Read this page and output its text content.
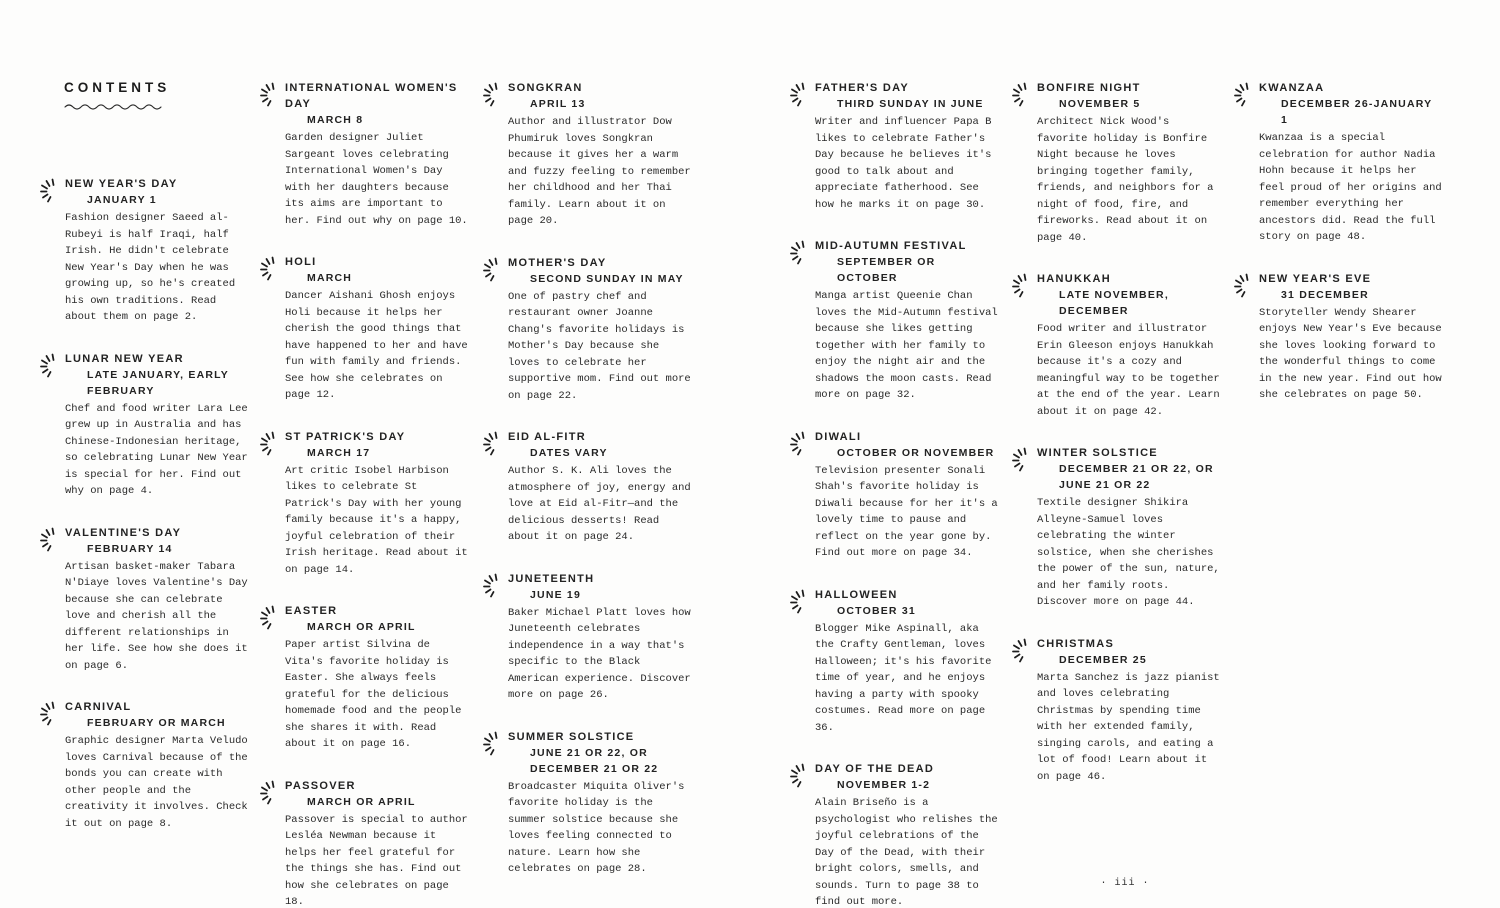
CONTENTS
NEW YEAR'S DAY
JANUARY 1
Fashion designer Saeed al-Rubeyi is half Iraqi, half Irish. He didn't celebrate New Year's Day when he was growing up, so he's created his own traditions. Read about them on page 2.
LUNAR NEW YEAR
LATE JANUARY, EARLY FEBRUARY
Chef and food writer Lara Lee grew up in Australia and has Chinese-Indonesian heritage, so celebrating Lunar New Year is special for her. Find out why on page 4.
VALENTINE'S DAY
FEBRUARY 14
Artisan basket-maker Tabara N'Diaye loves Valentine's Day because she can celebrate love and cherish all the different relationships in her life. See how she does it on page 6.
CARNIVAL
FEBRUARY OR MARCH
Graphic designer Marta Veludo loves Carnival because of the bonds you can create with other people and the creativity it involves. Check it out on page 8.
INTERNATIONAL WOMEN'S DAY
MARCH 8
Garden designer Juliet Sargeant loves celebrating International Women's Day with her daughters because its aims are important to her. Find out why on page 10.
HOLI
MARCH
Dancer Aishani Ghosh enjoys Holi because it helps her cherish the good things that have happened to her and have fun with family and friends. See how she celebrates on page 12.
ST PATRICK'S DAY
MARCH 17
Art critic Isobel Harbison likes to celebrate St Patrick's Day with her young family because it's a happy, joyful celebration of their Irish heritage. Read about it on page 14.
EASTER
MARCH OR APRIL
Paper artist Silvina de Vita's favorite holiday is Easter. She always feels grateful for the delicious homemade food and the people she shares it with. Read about it on page 16.
PASSOVER
MARCH OR APRIL
Passover is special to author Lesléa Newman because it helps her feel grateful for the things she has. Find out how she celebrates on page 18.
SONGKRAN
APRIL 13
Author and illustrator Dow Phumiruk loves Songkran because it gives her a warm and fuzzy feeling to remember her childhood and her Thai family. Learn about it on page 20.
MOTHER'S DAY
SECOND SUNDAY IN MAY
One of pastry chef and restaurant owner Joanne Chang's favorite holidays is Mother's Day because she loves to celebrate her supportive mom. Find out more on page 22.
EID AL-FITR
DATES VARY
Author S. K. Ali loves the atmosphere of joy, energy and love at Eid al-Fitr—and the delicious desserts! Read about it on page 24.
JUNETEENTH
JUNE 19
Baker Michael Platt loves how Juneteenth celebrates independence in a way that's specific to the Black American experience. Discover more on page 26.
SUMMER SOLSTICE
JUNE 21 OR 22, OR DECEMBER 21 OR 22
Broadcaster Miquita Oliver's favorite holiday is the summer solstice because she loves feeling connected to nature. Learn how she celebrates on page 28.
FATHER'S DAY
THIRD SUNDAY IN JUNE
Writer and influencer Papa B likes to celebrate Father's Day because he believes it's good to talk about and appreciate fatherhood. See how he marks it on page 30.
MID-AUTUMN FESTIVAL
SEPTEMBER OR OCTOBER
Manga artist Queenie Chan loves the Mid-Autumn festival because she likes getting together with her family to enjoy the night air and the shadows the moon casts. Read more on page 32.
DIWALI
OCTOBER OR NOVEMBER
Television presenter Sonali Shah's favorite holiday is Diwali because for her it's a lovely time to pause and reflect on the year gone by. Find out more on page 34.
HALLOWEEN
OCTOBER 31
Blogger Mike Aspinall, aka the Crafty Gentleman, loves Halloween; it's his favorite time of year, and he enjoys having a party with spooky costumes. Read more on page 36.
DAY OF THE DEAD
NOVEMBER 1-2
Alain Briseño is a psychologist who relishes the joyful celebrations of the Day of the Dead, with their bright colors, smells, and sounds. Turn to page 38 to find out more.
BONFIRE NIGHT
NOVEMBER 5
Architect Nick Wood's favorite holiday is Bonfire Night because he loves bringing together family, friends, and neighbors for a night of food, fire, and fireworks. Read about it on page 40.
HANUKKAH
LATE NOVEMBER, DECEMBER
Food writer and illustrator Erin Gleeson enjoys Hanukkah because it's a cozy and meaningful way to be together at the end of the year. Learn about it on page 42.
WINTER SOLSTICE
DECEMBER 21 OR 22, OR JUNE 21 OR 22
Textile designer Shikira Alleyne-Samuel loves celebrating the winter solstice, when she cherishes the power of the sun, nature, and her family roots. Discover more on page 44.
CHRISTMAS
DECEMBER 25
Marta Sanchez is jazz pianist and loves celebrating Christmas by spending time with her extended family, singing carols, and eating a lot of food! Learn about it on page 46.
KWANZAA
DECEMBER 26-JANUARY 1
Kwanzaa is a special celebration for author Nadia Hohn because it helps her feel proud of her origins and remember everything her ancestors did. Read the full story on page 48.
NEW YEAR'S EVE
31 DECEMBER
Storyteller Wendy Shearer enjoys New Year's Eve because she loves looking forward to the wonderful things to come in the new year. Find out how she celebrates on page 50.
· iii ·
